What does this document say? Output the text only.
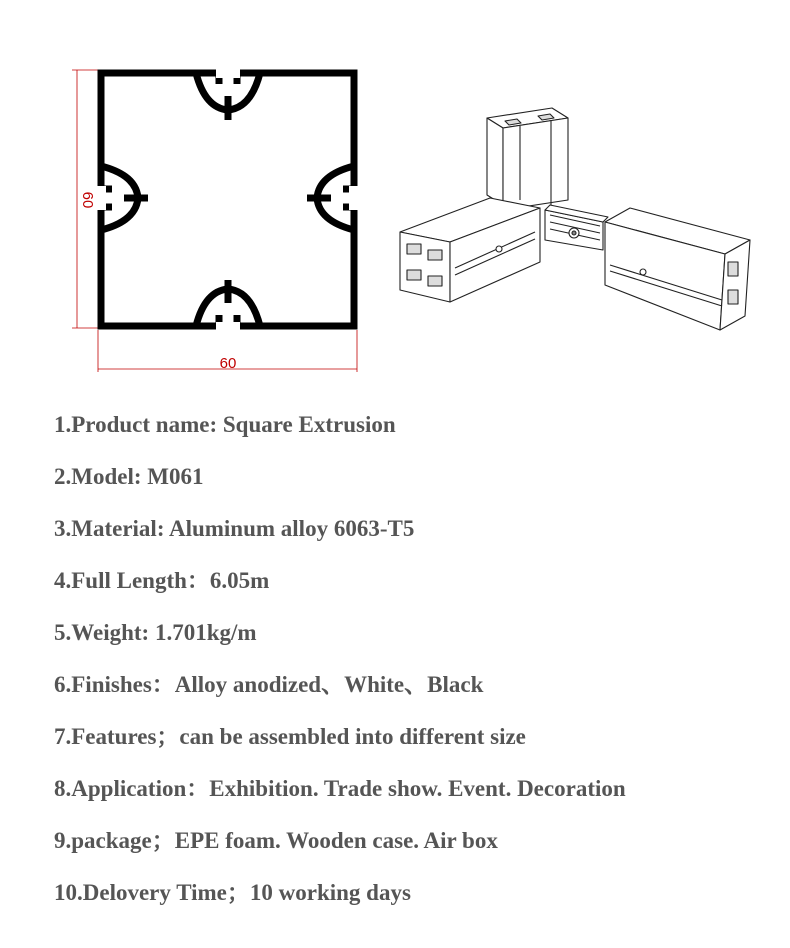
60
60
1.Product name: Square Extrusion
2.Model: M061
3.Material: Aluminum alloy 6063-T5
4.Full Length：6.05m
5.Weight: 1.701kg/m
6.Finishes：Alloy anodized、White、Black
7.Features；can be assembled into different size
8.Application：Exhibition. Trade show. Event. Decoration
9.package；EPE foam. Wooden case. Air box
10.Delovery Time；10 working days
